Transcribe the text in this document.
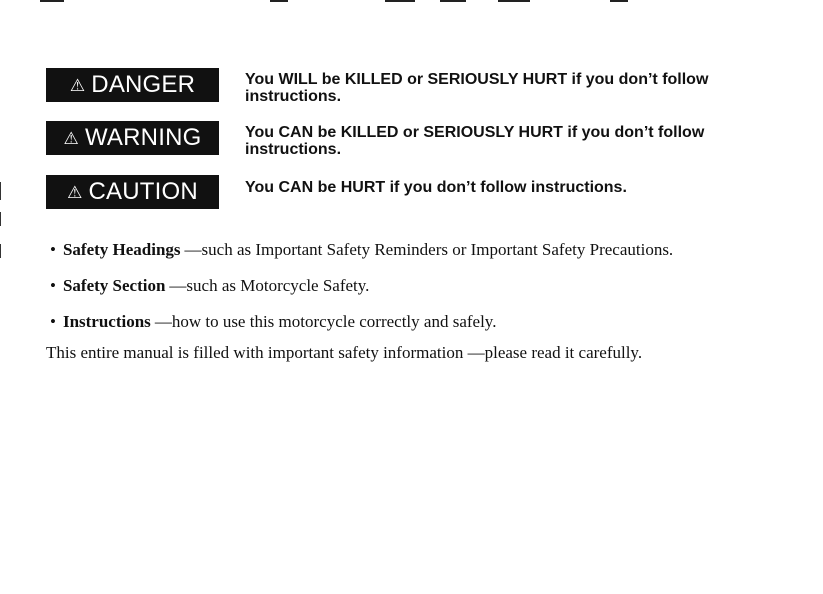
⚠ DANGER	You WILL be KILLED or SERIOUSLY HURT if you don’t follow instructions.
⚠ WARNING	You CAN be KILLED or SERIOUSLY HURT if you don’t follow instructions.
⚠ CAUTION	You CAN be HURT if you don’t follow instructions.
• Safety Headings —such as Important Safety Reminders or Important Safety Precautions.
• Safety Section —such as Motorcycle Safety.
• Instructions —how to use this motorcycle correctly and safely.

This entire manual is filled with important safety information —please read it carefully.
